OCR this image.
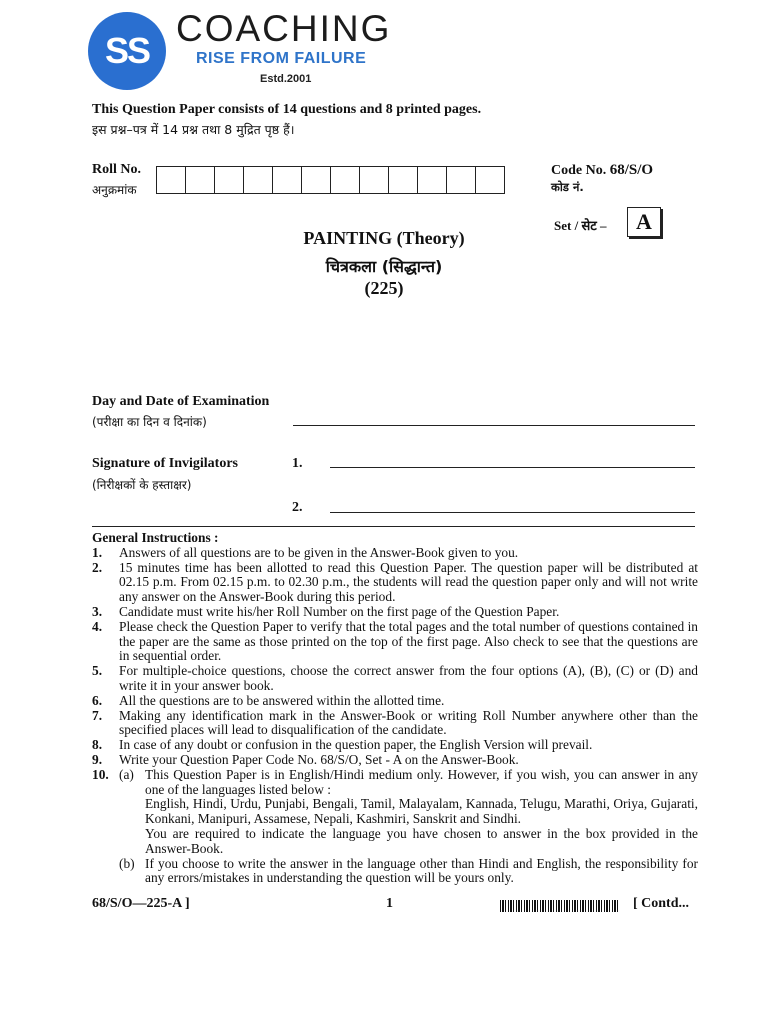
SS
COACHING
RISE FROM FAILURE
Estd.2001
This Question Paper consists of 14 questions and 8 printed pages.
इस प्रश्न–पत्र में 14 प्रश्न तथा 8 मुद्रित पृष्ठ हैं।
Roll No.
अनुक्रमांक
Code No. 68/S/O
कोड नं.
Set / सेट – A
PAINTING (Theory)
चित्रकला (सिद्धान्त)
(225)
Day and Date of Examination
(परीक्षा का दिन व दिनांक)
Signature of Invigilators
(निरीक्षकों के हस्ताक्षर)
1.
2.
General Instructions :
1.	Answers of all questions are to be given in the Answer-Book given to you.
2.	15 minutes time has been allotted to read this Question Paper. The question paper will be distributed at 02.15 p.m. From 02.15 p.m. to 02.30 p.m., the students will read the question paper only and will not write any answer on the Answer-Book during this period.
3.	Candidate must write his/her Roll Number on the first page of the Question Paper.
4.	Please check the Question Paper to verify that the total pages and the total number of questions contained in the paper are the same as those printed on the top of the first page. Also check to see that the questions are in sequential order.
5.	For multiple-choice questions, choose the correct answer from the four options (A), (B), (C) or (D) and write it in your answer book.
6.	All the questions are to be answered within the allotted time.
7.	Making any identification mark in the Answer-Book or writing Roll Number anywhere other than the specified places will lead to disqualification of the candidate.
8.	In case of any doubt or confusion in the question paper, the English Version will prevail.
9.	Write your Question Paper Code No. 68/S/O, Set - A on the Answer-Book.
10. (a) This Question Paper is in English/Hindi medium only. However, if you wish, you can answer in any one of the languages listed below :
English, Hindi, Urdu, Punjabi, Bengali, Tamil, Malayalam, Kannada, Telugu, Marathi, Oriya, Gujarati, Konkani, Manipuri, Assamese, Nepali, Kashmiri, Sanskrit and Sindhi.
You are required to indicate the language you have chosen to answer in the box provided in the Answer-Book.
(b) If you choose to write the answer in the language other than Hindi and English, the responsibility for any errors/mistakes in understanding the question will be yours only.
68/S/O—225-A ]	1	[ Contd...
